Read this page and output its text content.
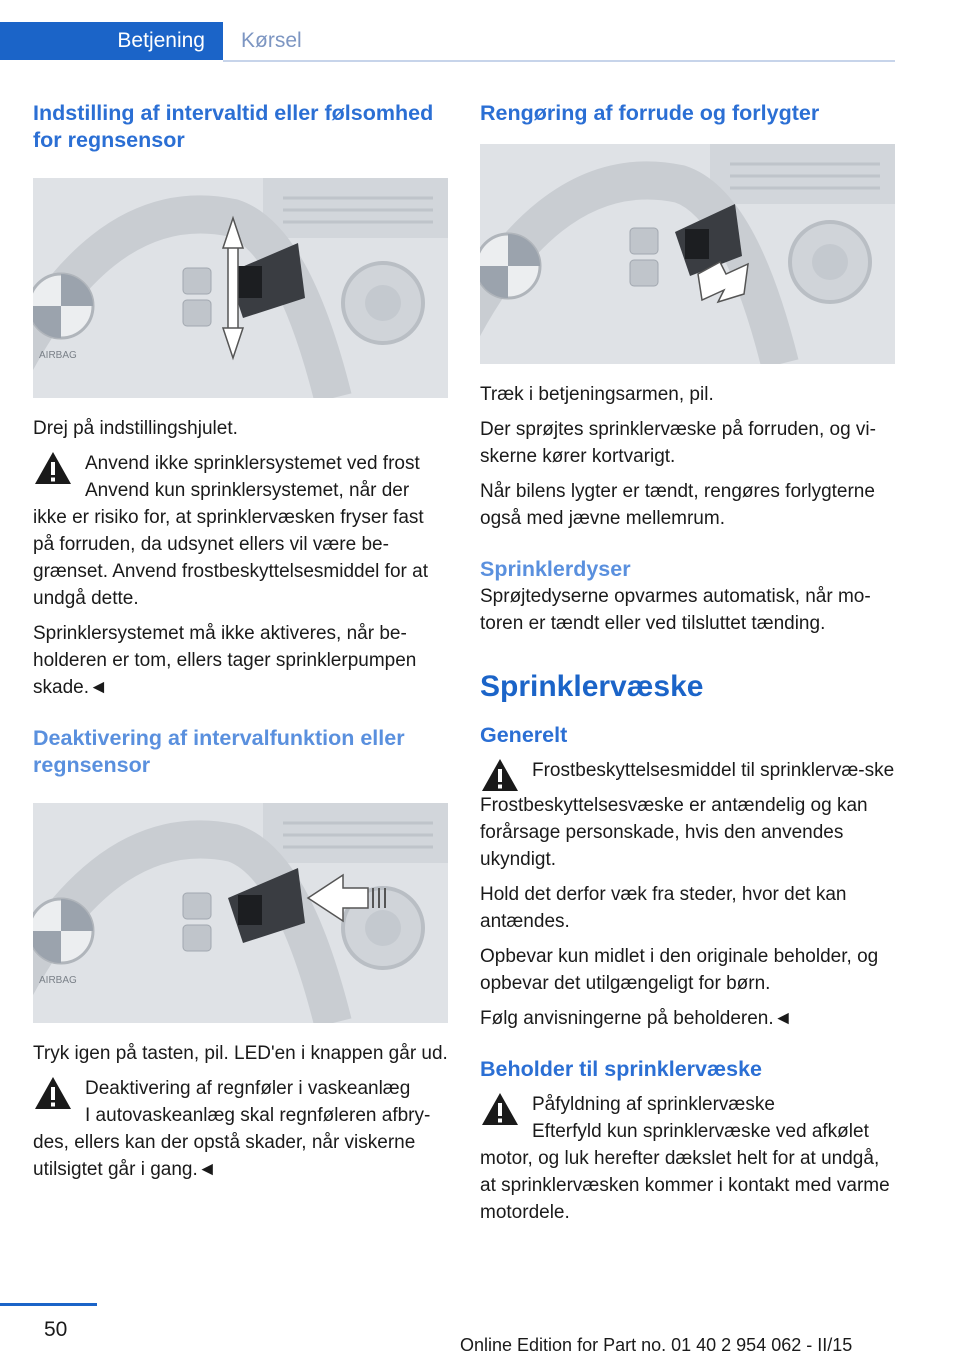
Betjening	Kørsel
Indstilling af intervaltid eller følsomhed for regnsensor
AIRBAG

Drej på indstillingshjulet.

Anvend ikke sprinklersystemet ved frost

Anvend kun sprinklersystemet, når der ikke er risiko for, at sprinklervæsken fryser fast på forruden, da udsynet ellers vil være be-grænset. Anvend frostbeskyttelsesmiddel for at undgå dette.

Sprinklersystemet må ikke aktiveres, når be-holderen er tom, ellers tager sprinklerpumpen skade.◄

Deaktivering af intervalfunktion eller regnsensor
AIRBAG

Tryk igen på tasten, pil. LED'en i knappen går ud.

Deaktivering af regnføler i vaskeanlæg

I autovaskeanlæg skal regnføleren afbry-des, ellers kan der opstå skader, når viskerne utilsigtet går i gang.◄

Rengøring af forrude og forlygter

Træk i betjeningsarmen, pil.

Der sprøjtes sprinklervæske på forruden, og vi-skerne kører kortvarigt.

Når bilens lygter er tændt, rengøres forlygterne også med jævne mellemrum.

Sprinklerdyser

Sprøjtedyserne opvarmes automatisk, når mo-toren er tændt eller ved tilsluttet tænding.

Sprinklervæske
Generelt

Frostbeskyttelsesmiddel til sprinklervæ-ske

Frostbeskyttelsesvæske er antændelig og kan forårsage personskade, hvis den anvendes ukyndigt.

Hold det derfor væk fra steder, hvor det kan antændes.

Opbevar kun midlet i den originale beholder, og opbevar det utilgængeligt for børn.

Følg anvisningerne på beholderen.◄

Beholder til sprinklervæske

Påfyldning af sprinklervæske

Efterfyld kun sprinklervæske ved afkølet motor, og luk herefter dækslet helt for at undgå, at sprinklervæsken kommer i kontakt med varme motordele.

50
Online Edition for Part no. 01 40 2 954 062 - II/15
